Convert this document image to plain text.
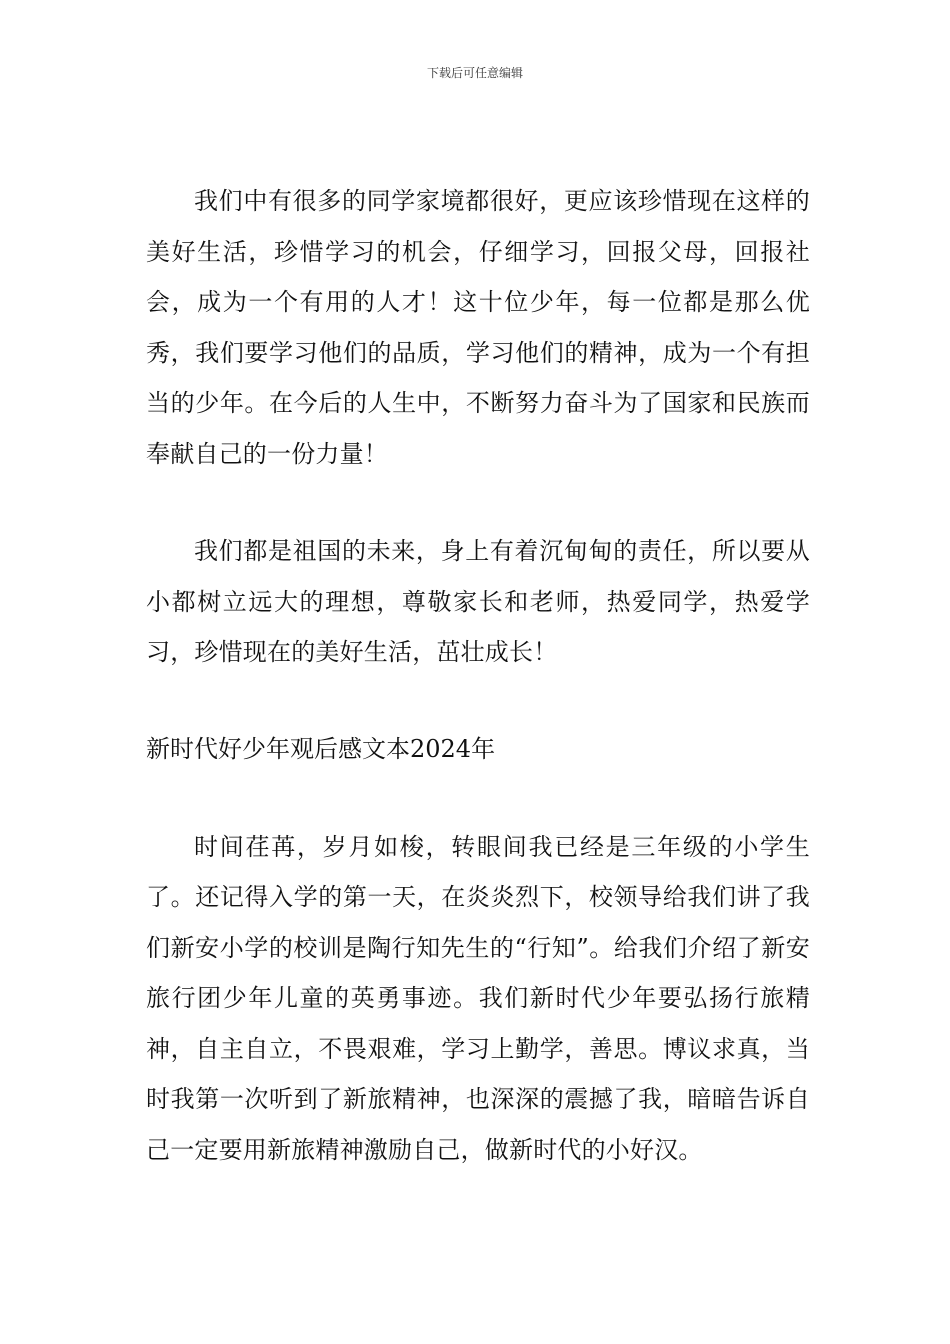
下载后可任意编辑

我们中有很多的同学家境都很好，更应该珍惜现在这样的美好生活，珍惜学习的机会，仔细学习，回报父母，回报社会，成为一个有用的人才！这十位少年，每一位都是那么优秀，我们要学习他们的品质，学习他们的精神，成为一个有担当的少年。在今后的人生中，不断努力奋斗为了国家和民族而奉献自己的一份力量！

我们都是祖国的未来，身上有着沉甸甸的责任，所以要从小都树立远大的理想，尊敬家长和老师，热爱同学，热爱学习，珍惜现在的美好生活，茁壮成长！

新时代好少年观后感文本2024年

时间荏苒，岁月如梭，转眼间我已经是三年级的小学生了。还记得入学的第一天，在炎炎烈下，校领导给我们讲了我们新安小学的校训是陶行知先生的“行知”。给我们介绍了新安旅行团少年儿童的英勇事迹。我们新时代少年要弘扬行旅精神，自主自立，不畏艰难，学习上勤学，善思。博议求真，当时我第一次听到了新旅精神，也深深的震撼了我，暗暗告诉自己一定要用新旅精神激励自己，做新时代的小好汉。
